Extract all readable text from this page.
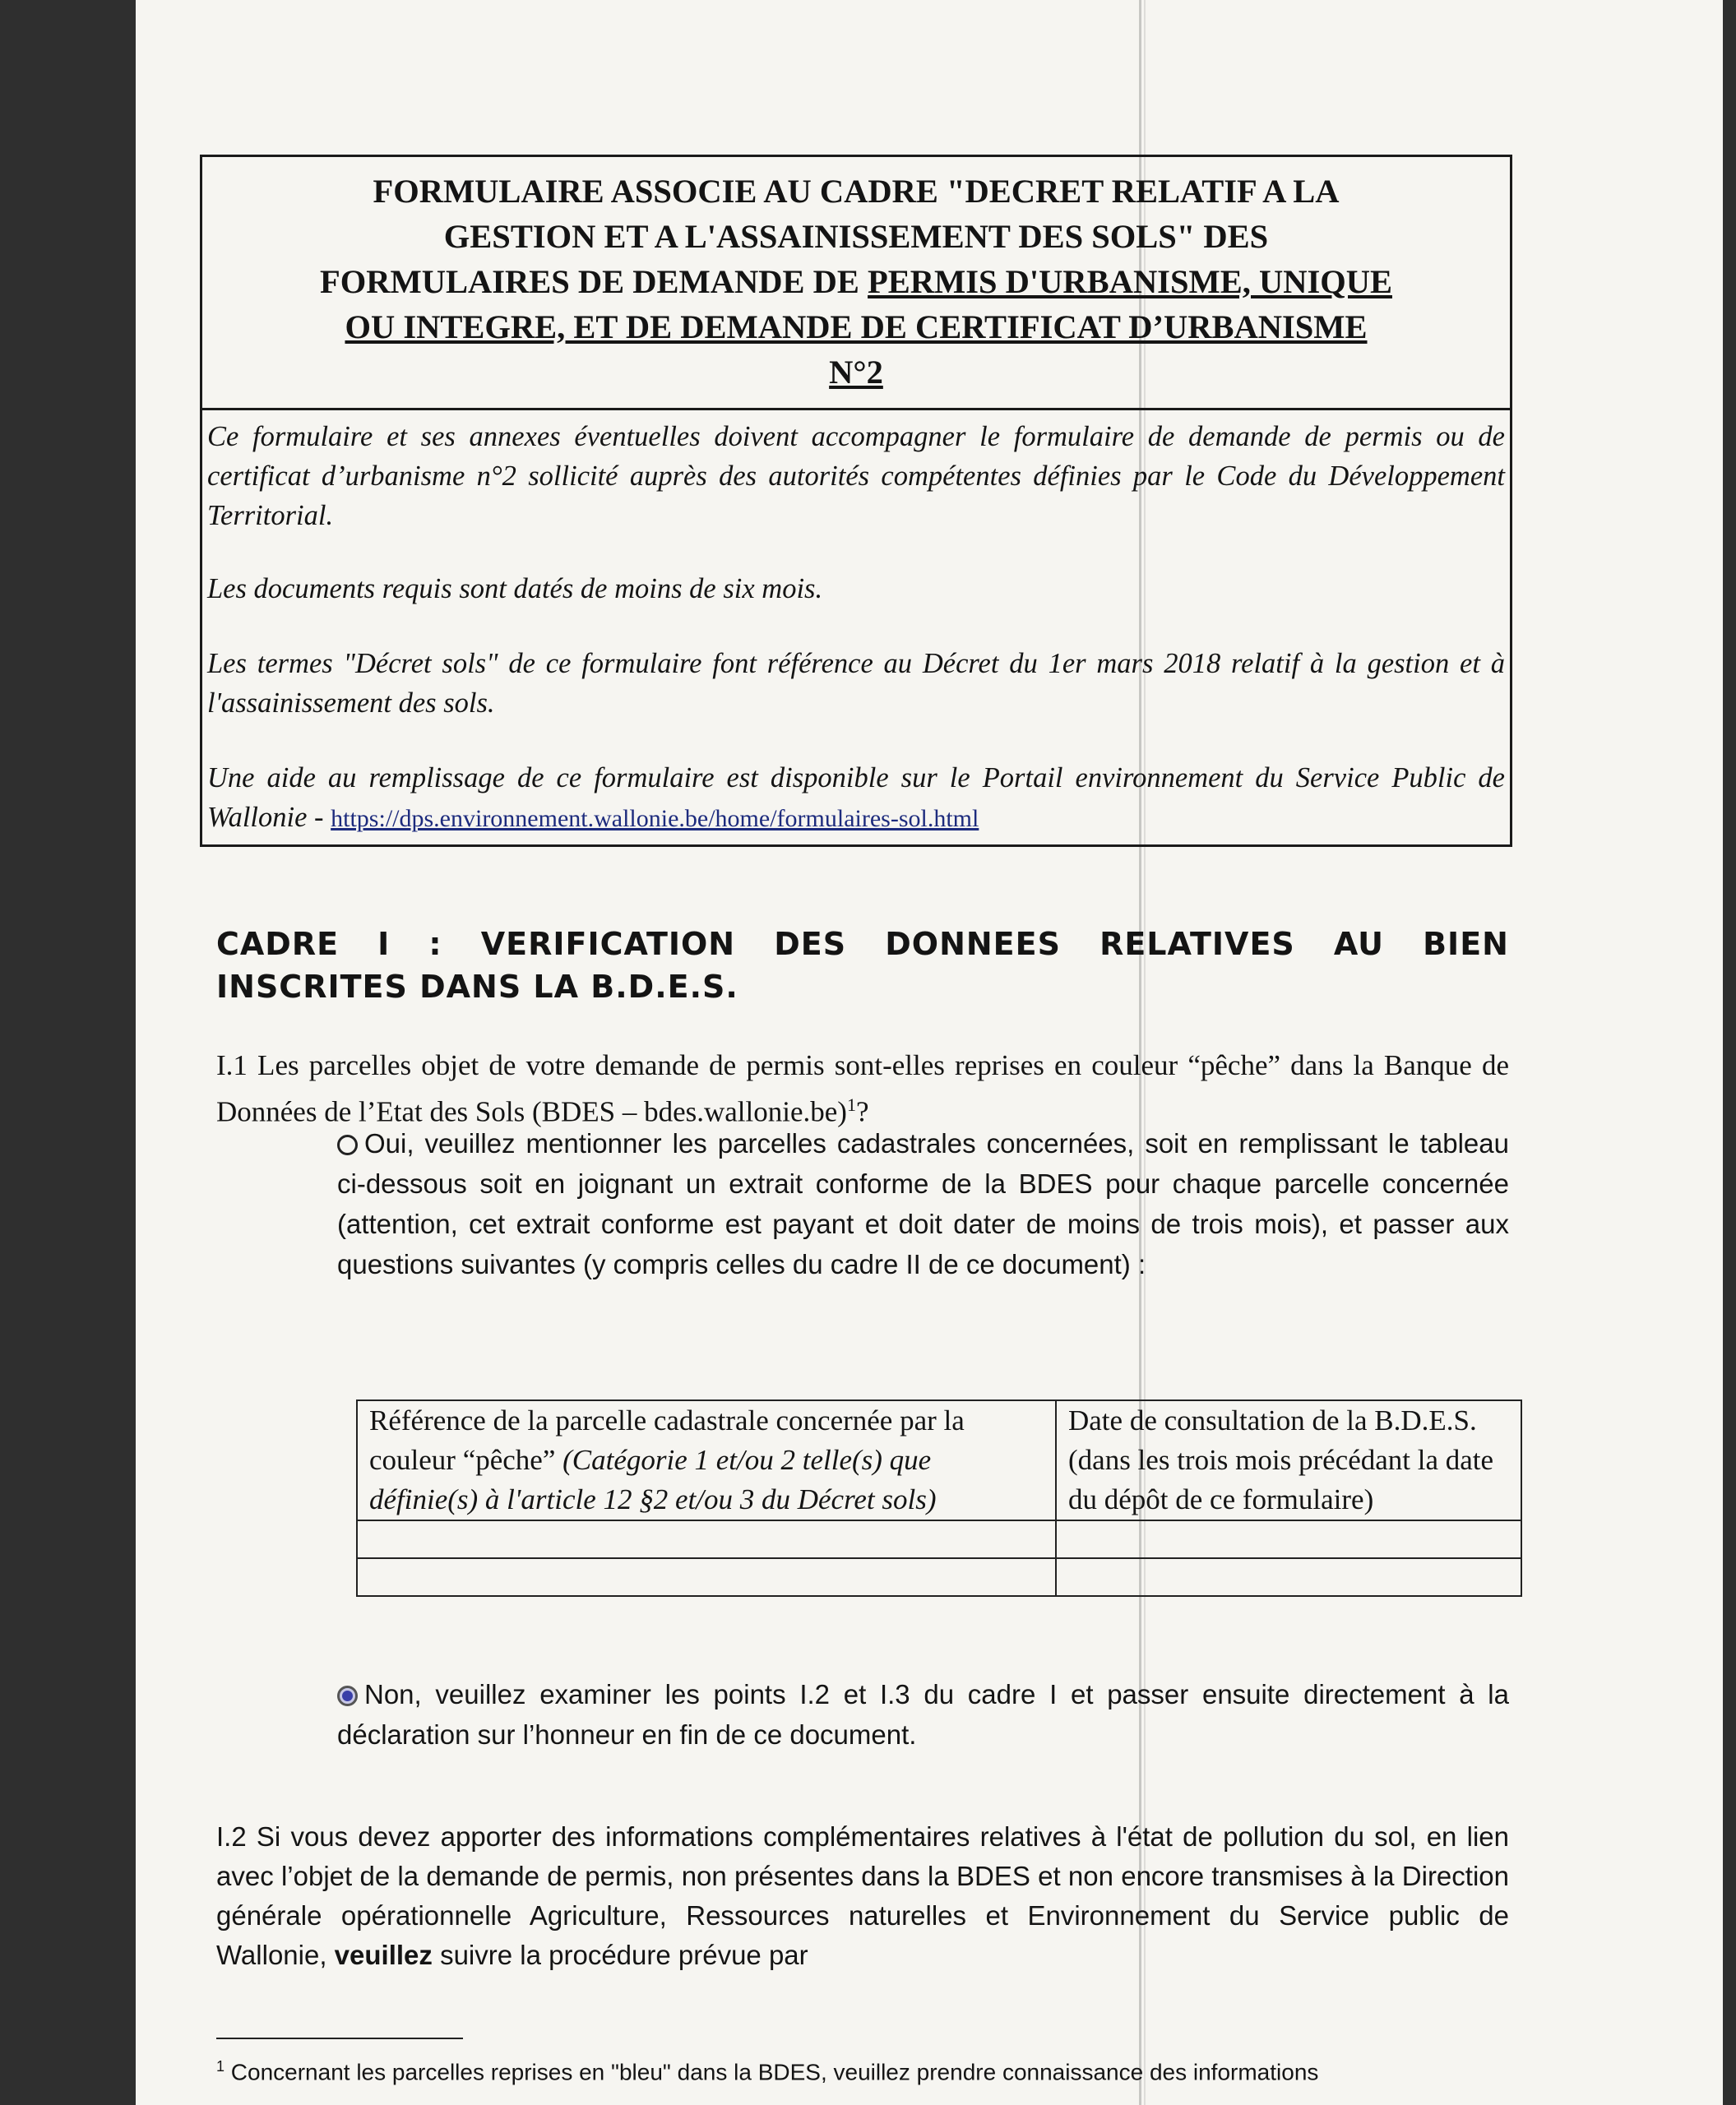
FORMULAIRE ASSOCIE AU CADRE "DECRET RELATIF A LA
GESTION ET A L'ASSAINISSEMENT DES SOLS" DES
FORMULAIRES DE DEMANDE DE PERMIS D'URBANISME, UNIQUE
OU INTEGRE, ET DE DEMANDE DE CERTIFICAT D’URBANISME
N°2

Ce formulaire et ses annexes éventuelles doivent accompagner le formulaire de demande de permis ou de certificat d’urbanisme n°2 sollicité auprès des autorités compétentes définies par le Code du Développement Territorial.

Les documents requis sont datés de moins de six mois.

Les termes "Décret sols" de ce formulaire font référence au Décret du 1er mars 2018 relatif à la gestion et à l'assainissement des sols.

Une aide au remplissage de ce formulaire est disponible sur le Portail environnement du Service Public de Wallonie - https://dps.environnement.wallonie.be/home/formulaires-sol.html

CADRE I : VERIFICATION DES DONNEES RELATIVES AU BIEN
INSCRITES DANS LA B.D.E.S.
I.1 Les parcelles objet de votre demande de permis sont-elles reprises en couleur “pêche” dans la Banque de Données de l’Etat des Sols (BDES – bdes.wallonie.be)$^1$?
Oui, veuillez mentionner les parcelles cadastrales concernées, soit en remplissant le tableau ci-dessous soit en joignant un extrait conforme de la BDES pour chaque parcelle concernée (attention, cet extrait conforme est payant et doit dater de moins de trois mois), et passer aux questions suivantes (y compris celles du cadre II de ce document) :
Référence de la parcelle cadastrale concernée par la couleur “pêche” (Catégorie 1 et/ou 2 telle(s) que définie(s) à l'article 12 §2 et/ou 3 du Décret sols)	Date de consultation de la B.D.E.S. (dans les trois mois précédant la date du dépôt de ce formulaire)

Non, veuillez examiner les points I.2 et I.3 du cadre I et passer ensuite directement à la déclaration sur l’honneur en fin de ce document.
I.2 Si vous devez apporter des informations complémentaires relatives à l'état de pollution du sol, en lien avec l’objet de la demande de permis, non présentes dans la BDES et non encore transmises à la Direction générale opérationnelle Agriculture, Ressources naturelles et Environnement du Service public de Wallonie, veuillez suivre la procédure prévue par
$^1$ Concernant les parcelles reprises en "bleu" dans la BDES, veuillez prendre connaissance des informations
